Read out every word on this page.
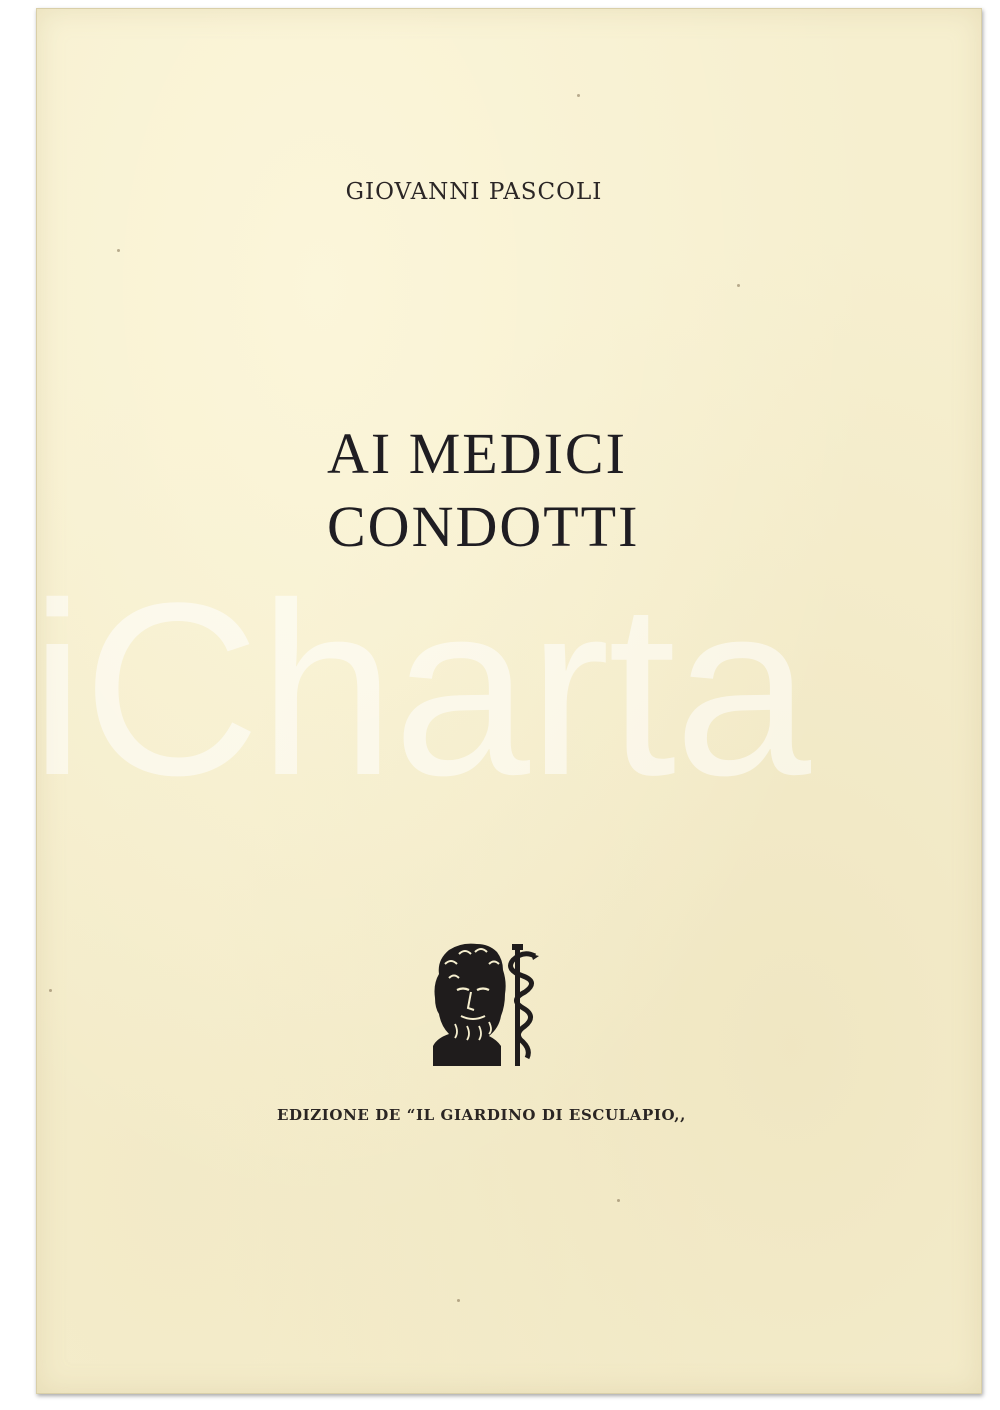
GIOVANNI PASCOLI
AI MEDICI
CONDOTTI
EDIZIONE DE “IL GIARDINO DI ESCULAPIO,,
iCharta
